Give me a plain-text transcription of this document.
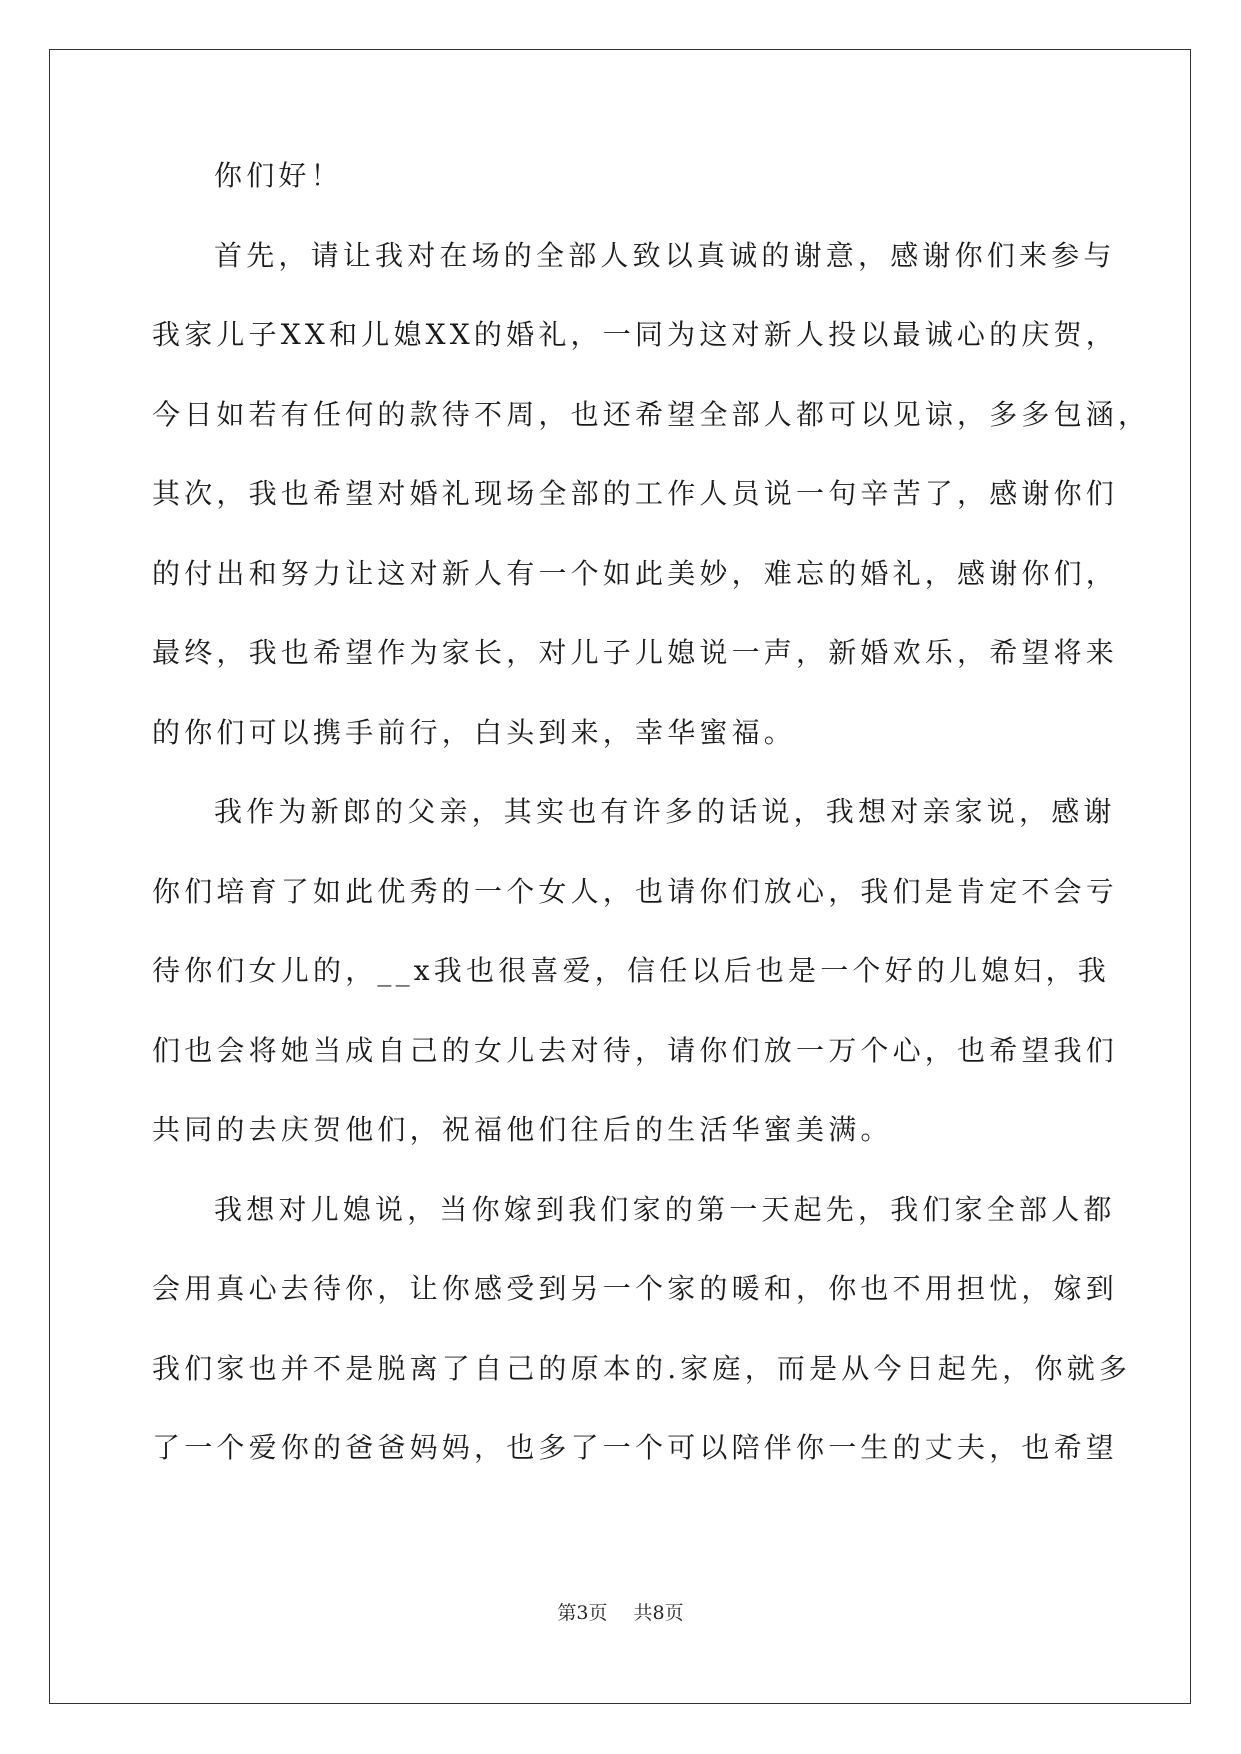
你们好！
首先，请让我对在场的全部人致以真诚的谢意，感谢你们来参与
我家儿子XX和儿媳XX的婚礼，一同为这对新人投以最诚心的庆贺，
今日如若有任何的款待不周，也还希望全部人都可以见谅，多多包涵，
其次，我也希望对婚礼现场全部的工作人员说一句辛苦了，感谢你们
的付出和努力让这对新人有一个如此美妙，难忘的婚礼，感谢你们，
最终，我也希望作为家长，对儿子儿媳说一声，新婚欢乐，希望将来
的你们可以携手前行，白头到来，幸华蜜福。
我作为新郎的父亲，其实也有许多的话说，我想对亲家说，感谢
你们培育了如此优秀的一个女人，也请你们放心，我们是肯定不会亏
待你们女儿的，__x我也很喜爱，信任以后也是一个好的儿媳妇，我
们也会将她当成自己的女儿去对待，请你们放一万个心，也希望我们
共同的去庆贺他们，祝福他们往后的生活华蜜美满。
我想对儿媳说，当你嫁到我们家的第一天起先，我们家全部人都
会用真心去待你，让你感受到另一个家的暖和，你也不用担忧，嫁到
我们家也并不是脱离了自己的原本的.家庭，而是从今日起先，你就多
了一个爱你的爸爸妈妈，也多了一个可以陪伴你一生的丈夫，也希望
第3页 共8页
